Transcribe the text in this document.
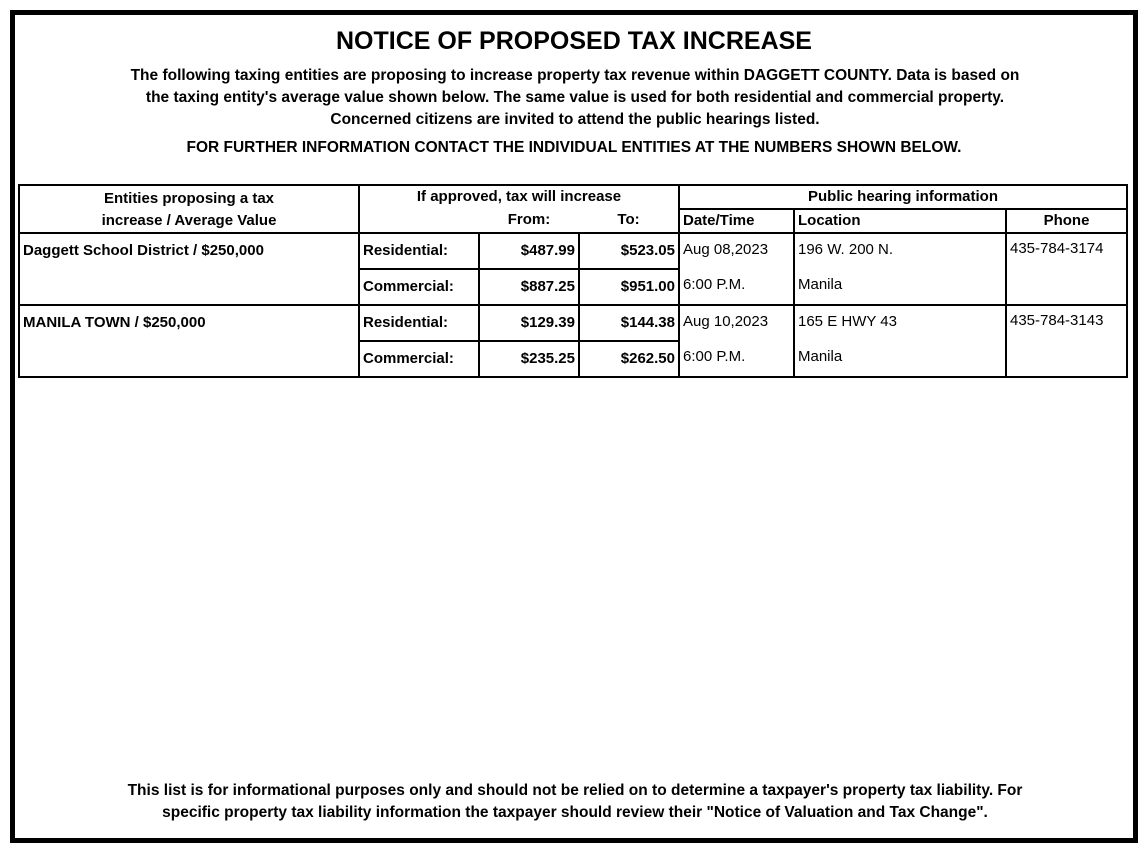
NOTICE OF PROPOSED TAX INCREASE
The following taxing entities are proposing to increase property tax revenue within DAGGETT COUNTY. Data is based on
the taxing entity's average value shown below. The same value is used for both residential and commercial property.
Concerned citizens are invited to attend the public hearings listed.
FOR FURTHER INFORMATION CONTACT THE INDIVIDUAL ENTITIES AT THE NUMBERS SHOWN BELOW.
Entities proposing a tax
increase / Average Value	If approved, tax will increase			Public hearing information		
		From:	To:	Date/Time	Location	Phone
Daggett School District / $250,000	Residential:	$487.99	$523.05	Aug 08,2023	196 W. 200 N.	435-784-3174
	Commercial:	$887.25	$951.00	6:00 P.M.	Manila	
MANILA TOWN / $250,000	Residential:	$129.39	$144.38	Aug 10,2023	165 E HWY 43	435-784-3143
	Commercial:	$235.25	$262.50	6:00 P.M.	Manila	
This list is for informational purposes only and should not be relied on to determine a taxpayer's property tax liability. For
specific property tax liability information the taxpayer should review their "Notice of Valuation and Tax Change".
